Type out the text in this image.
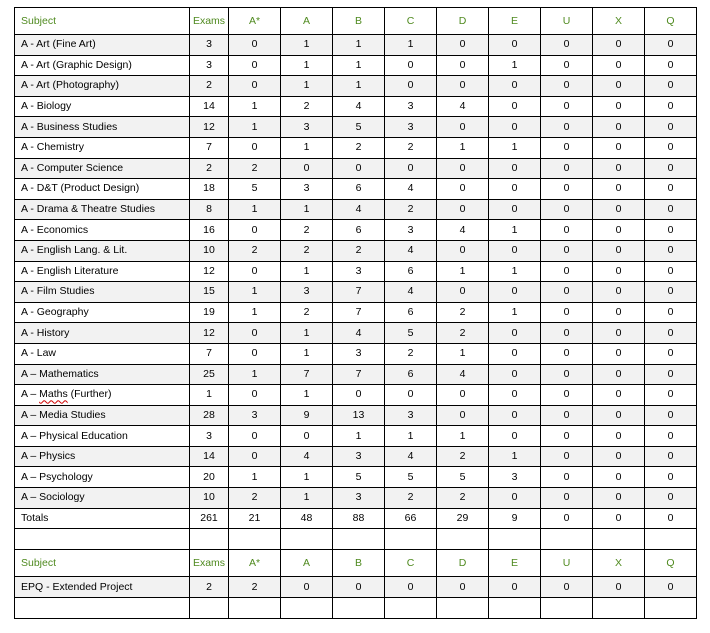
Subject	Exams	A*	A	B	C	D	E	U	X	Q
A - Art (Fine Art)	3	0	1	1	1	0	0	0	0	0
A - Art (Graphic Design)	3	0	1	1	0	0	1	0	0	0
A - Art (Photography)	2	0	1	1	0	0	0	0	0	0
A - Biology	14	1	2	4	3	4	0	0	0	0
A - Business Studies	12	1	3	5	3	0	0	0	0	0
A - Chemistry	7	0	1	2	2	1	1	0	0	0
A - Computer Science	2	2	0	0	0	0	0	0	0	0
A - D&T (Product Design)	18	5	3	6	4	0	0	0	0	0
A - Drama & Theatre Studies	8	1	1	4	2	0	0	0	0	0
A - Economics	16	0	2	6	3	4	1	0	0	0
A - English Lang. & Lit.	10	2	2	2	4	0	0	0	0	0
A - English Literature	12	0	1	3	6	1	1	0	0	0
A - Film Studies	15	1	3	7	4	0	0	0	0	0
A - Geography	19	1	2	7	6	2	1	0	0	0
A - History	12	0	1	4	5	2	0	0	0	0
A - Law	7	0	1	3	2	1	0	0	0	0
A – Mathematics	25	1	7	7	6	4	0	0	0	0
A – Maths (Further)	1	0	1	0	0	0	0	0	0	0
A – Media Studies	28	3	9	13	3	0	0	0	0	0
A – Physical Education	3	0	0	1	1	1	0	0	0	0
A – Physics	14	0	4	3	4	2	1	0	0	0
A – Psychology	20	1	1	5	5	5	3	0	0	0
A – Sociology	10	2	1	3	2	2	0	0	0	0
Totals	261	21	48	88	66	29	9	0	0	0

Subject	Exams	A*	A	B	C	D	E	U	X	Q
EPQ - Extended Project	2	2	0	0	0	0	0	0	0	0
